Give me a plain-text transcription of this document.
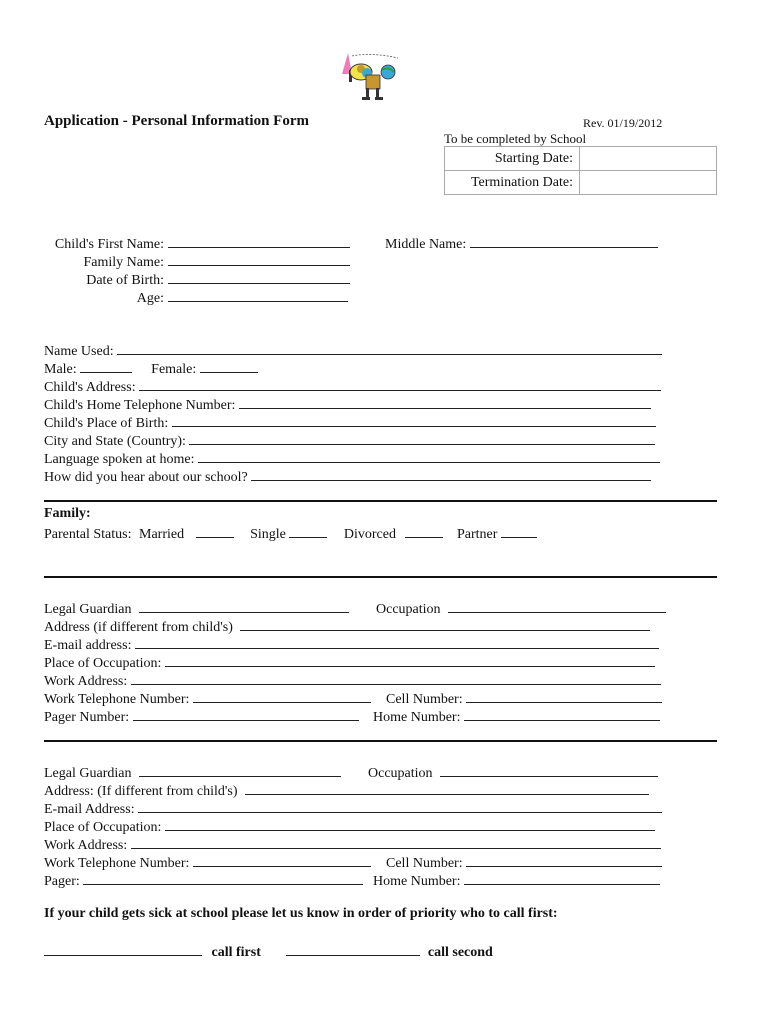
Application - Personal Information Form	Rev. 01/19/2012
To be completed by School
Starting Date:	
Termination Date:	
Child's First Name:	Middle Name:
Family Name:
Date of Birth:
Age:
Name Used:
Male:	Female:
Child's Address:
Child's Home Telephone Number:
Child's Place of Birth:
City and State (Country):
Language spoken at home:
How did you hear about our school?
Family:
Parental Status: Married	Single	Divorced	Partner
Legal Guardian	Occupation
Address (if different from child's)
E-mail address:
Place of Occupation:
Work Address:
Work Telephone Number:	Cell Number:
Pager Number:	Home Number:
Legal Guardian	Occupation
Address: (If different from child's)
E-mail Address:
Place of Occupation:
Work Address:
Work Telephone Number:	Cell Number:
Pager:	Home Number:
If your child gets sick at school please let us know in order of priority who to call first:
call first	call second
